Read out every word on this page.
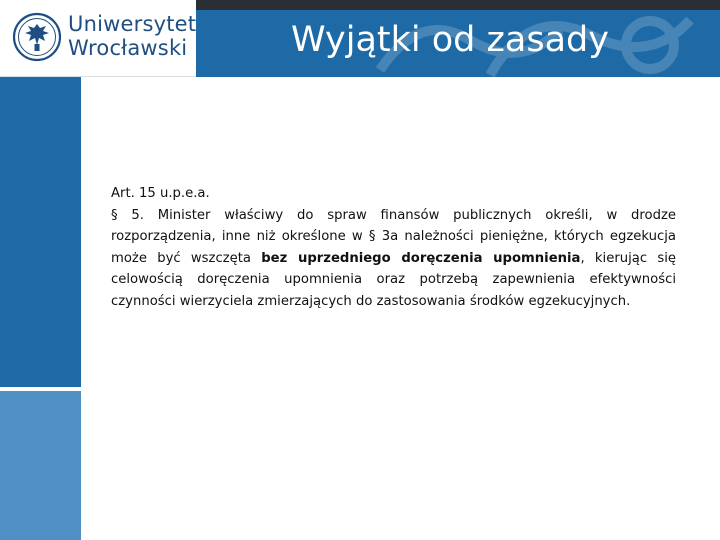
Uniwersytet
Wrocławski	Wyjątki od zasady

Art. 15 u.p.e.a.

§ 5. Minister właściwy do spraw finansów publicznych określi, w drodze rozporządzenia, inne niż określone w § 3a należności pieniężne, których egzekucja może być wszczęta bez uprzedniego doręczenia upomnienia, kierując się celowością doręczenia upomnienia oraz potrzebą zapewnienia efektywności czynności wierzyciela zmierzających do zastosowania środków egzekucyjnych.
